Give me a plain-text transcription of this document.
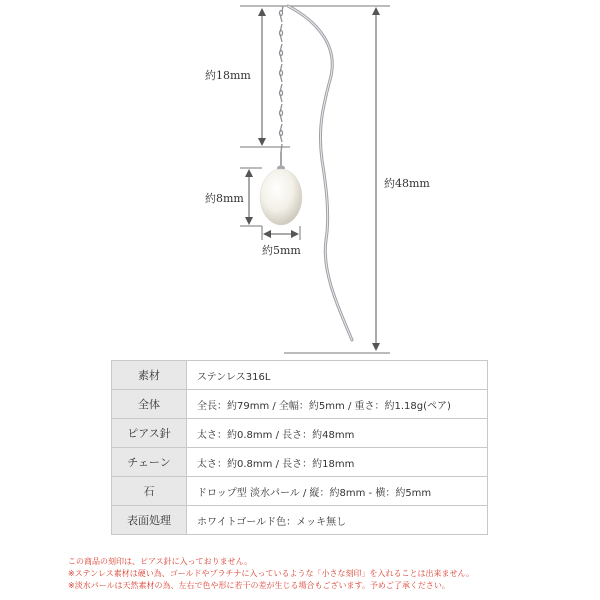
約18mm
約8mm
約5mm
約48mm
素材	ステンレス316L
全体	全長：約79mm / 全幅：約5mm / 重さ：約1.18g(ペア)
ピアス針	太さ：約0.8mm / 長さ：約48mm
チェーン	太さ：約0.8mm / 長さ：約18mm
石	ドロップ型 淡水パール / 縦：約8mm - 横：約5mm
表面処理	ホワイトゴールド色：メッキ無し
この商品の刻印は、ピアス針に入っておりません。
※ステンレス素材は硬い為、ゴールドやプラチナに入っているような「小さな刻印」を入れることは出来ません。
※淡水パールは天然素材の為、左右で色や形に若干の差が生じる場合もございます。予めご了承ください。
